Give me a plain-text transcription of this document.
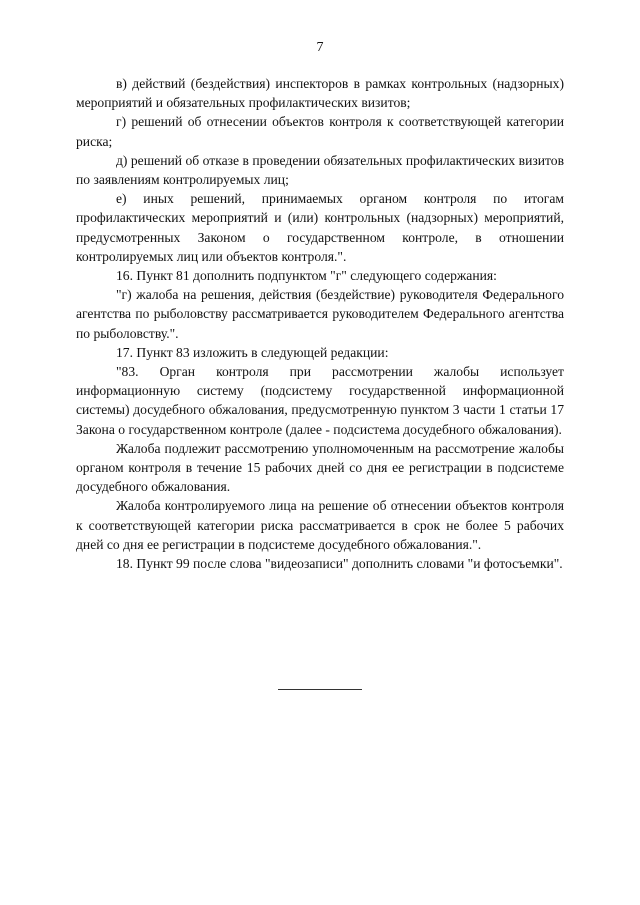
7

в) действий (бездействия) инспекторов в рамках контрольных (надзорных) мероприятий и обязательных профилактических визитов;

г) решений об отнесении объектов контроля к соответствующей категории риска;

д) решений об отказе в проведении обязательных профилактических визитов по заявлениям контролируемых лиц;

е) иных решений, принимаемых органом контроля по итогам профилактических мероприятий и (или) контрольных (надзорных) мероприятий, предусмотренных Законом о государственном контроле, в отношении контролируемых лиц или объектов контроля.".

16. Пункт 81 дополнить подпунктом "г" следующего содержания:

"г) жалоба на решения, действия (бездействие) руководителя Федерального агентства по рыболовству рассматривается руководителем Федерального агентства по рыболовству.".

17. Пункт 83 изложить в следующей редакции:

"83. Орган контроля при рассмотрении жалобы использует информационную систему (подсистему государственной информационной системы) досудебного обжалования, предусмотренную пунктом 3 части 1 статьи 17 Закона о государственном контроле (далее - подсистема досудебного обжалования).

Жалоба подлежит рассмотрению уполномоченным на рассмотрение жалобы органом контроля в течение 15 рабочих дней со дня ее регистрации в подсистеме досудебного обжалования.

Жалоба контролируемого лица на решение об отнесении объектов контроля к соответствующей категории риска рассматривается в срок не более 5 рабочих дней со дня ее регистрации в подсистеме досудебного обжалования.".

18. Пункт 99 после слова "видеозаписи" дополнить словами "и фотосъемки".
